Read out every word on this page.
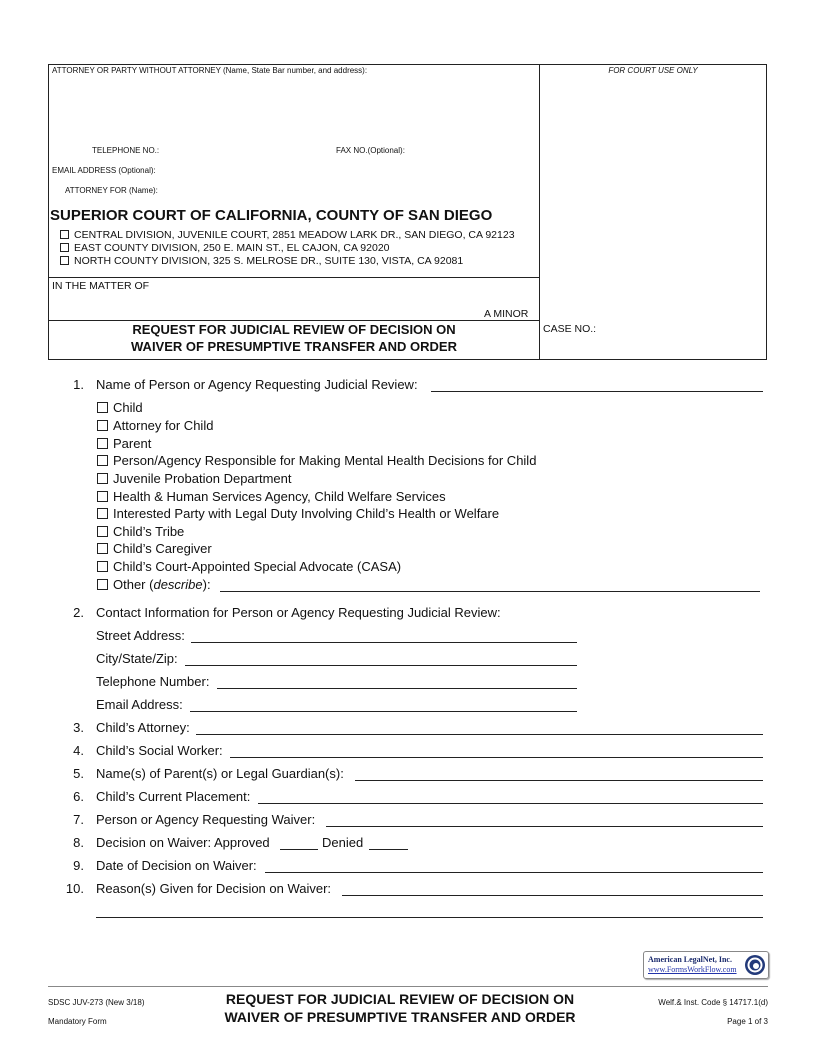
ATTORNEY OR PARTY WITHOUT ATTORNEY (Name, State Bar number, and address):	FOR COURT USE ONLY
TELEPHONE NO.:	FAX NO.(Optional):
EMAIL ADDRESS (Optional):
ATTORNEY FOR (Name):
SUPERIOR COURT OF CALIFORNIA, COUNTY OF SAN DIEGO
CENTRAL DIVISION, JUVENILE COURT, 2851 MEADOW LARK DR., SAN DIEGO, CA 92123
EAST COUNTY DIVISION, 250 E. MAIN ST., EL CAJON, CA 92020
NORTH COUNTY DIVISION, 325 S. MELROSE DR., SUITE 130, VISTA, CA 92081
IN THE MATTER OF
A MINOR
REQUEST FOR JUDICIAL REVIEW OF DECISION ON
WAIVER OF PRESUMPTIVE TRANSFER AND ORDER
CASE NO.:
1. Name of Person or Agency Requesting Judicial Review:
Child
Attorney for Child
Parent
Person/Agency Responsible for Making Mental Health Decisions for Child
Juvenile Probation Department
Health & Human Services Agency, Child Welfare Services
Interested Party with Legal Duty Involving Child’s Health or Welfare
Child’s Tribe
Child’s Caregiver
Child’s Court-Appointed Special Advocate (CASA)
Other (describe):
2. Contact Information for Person or Agency Requesting Judicial Review:
Street Address:
City/State/Zip:
Telephone Number:
Email Address:
3. Child’s Attorney:
4. Child’s Social Worker:
5. Name(s) of Parent(s) or Legal Guardian(s):
6. Child’s Current Placement:
7. Person or Agency Requesting Waiver:
8. Decision on Waiver: Approved	Denied
9. Date of Decision on Waiver:
10. Reason(s) Given for Decision on Waiver:
American LegalNet, Inc.
www.FormsWorkFlow.com
SDSC JUV-273 (New 3/18)
Mandatory Form
REQUEST FOR JUDICIAL REVIEW OF DECISION ON
WAIVER OF PRESUMPTIVE TRANSFER AND ORDER
Welf.& Inst. Code § 14717.1(d)
Page 1 of 3
